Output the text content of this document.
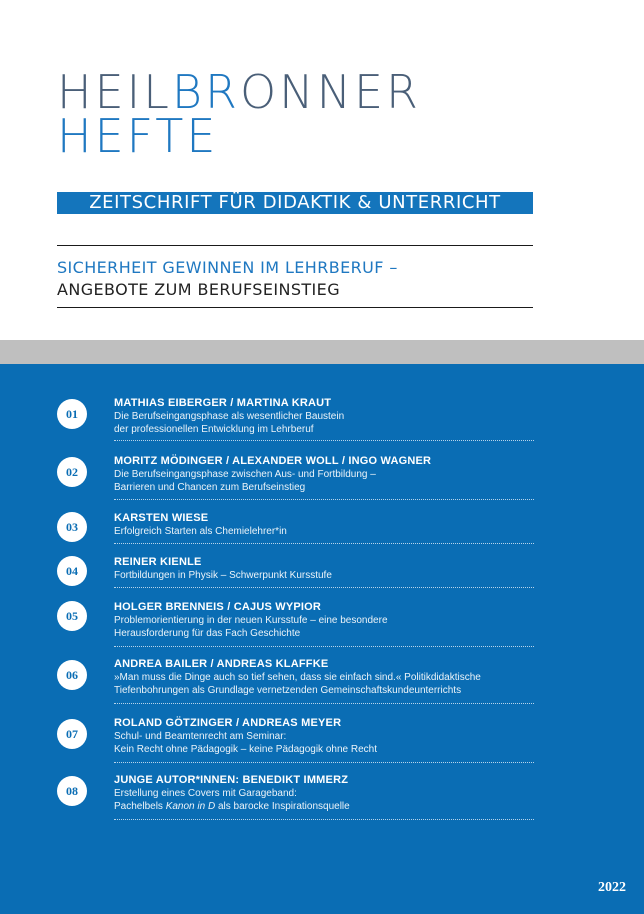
HEILBRONNER
HEFTE
ZEITSCHRIFT FÜR DIDAKTIK & UNTERRICHT
SICHERHEIT GEWINNEN IM LEHRBERUF –
ANGEBOTE ZUM BERUFSEINSTIEG
01
MATHIAS EIBERGER / MARTINA KRAUT
Die Berufseingangsphase als wesentlicher Baustein
der professionellen Entwicklung im Lehrberuf
02
MORITZ MÖDINGER / ALEXANDER WOLL / INGO WAGNER
Die Berufseingangsphase zwischen Aus- und Fortbildung –
Barrieren und Chancen zum Berufseinstieg
03
KARSTEN WIESE
Erfolgreich Starten als Chemielehrer*in
04
REINER KIENLE
Fortbildungen in Physik – Schwerpunkt Kursstufe
05
HOLGER BRENNEIS / CAJUS WYPIOR
Problemorientierung in der neuen Kursstufe – eine besondere
Herausforderung für das Fach Geschichte
06
ANDREA BAILER / ANDREAS KLAFFKE
»Man muss die Dinge auch so tief sehen, dass sie einfach sind.« Politikdidaktische
Tiefenbohrungen als Grundlage vernetzenden Gemeinschaftskundeunterrichts
07
ROLAND GÖTZINGER / ANDREAS MEYER
Schul- und Beamtenrecht am Seminar:
Kein Recht ohne Pädagogik – keine Pädagogik ohne Recht
08
JUNGE AUTOR*INNEN: BENEDIKT IMMERZ
Erstellung eines Covers mit Garageband:
Pachelbels Kanon in D als barocke Inspirationsquelle
2022
